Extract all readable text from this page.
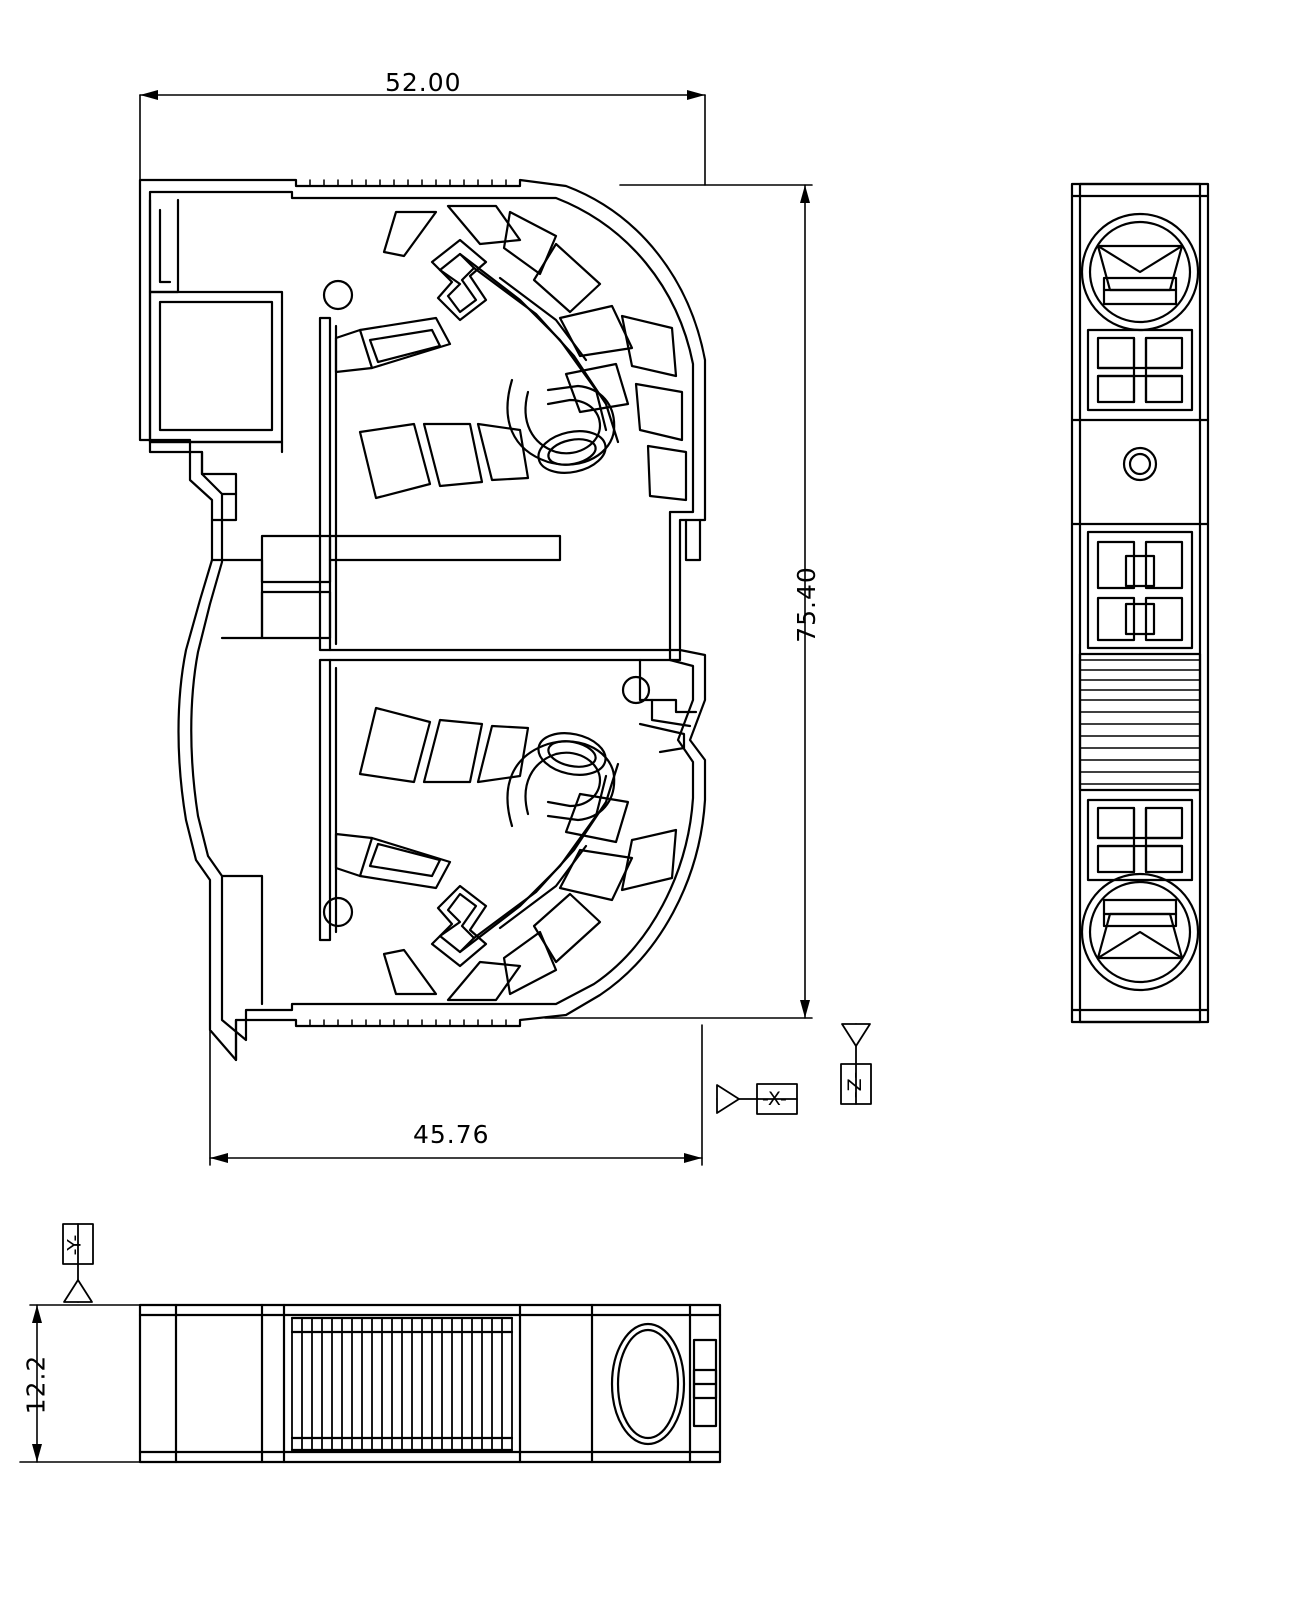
52.00
75.40
45.76
12.2
-X-
-Z-
-Y-
